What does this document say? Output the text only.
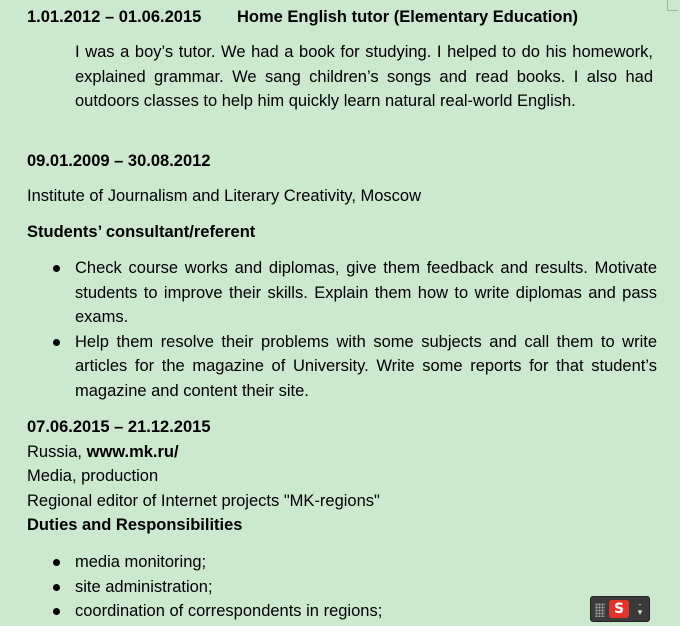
1.01.2012 – 01.06.2015 Home English tutor (Elementary Education)
I was a boy’s tutor. We had a book for studying. I helped to do his homework, explained grammar. We sang children’s songs and read books. I also had outdoors classes to help him quickly learn natural real-world English.
09.01.2009 – 30.08.2012
Institute of Journalism and Literary Creativity, Moscow
Students’ consultant/referent
Check course works and diplomas, give them feedback and results. Motivate students to improve their skills. Explain them how to write diplomas and pass exams.
Help them resolve their problems with some subjects and call them to write articles for the magazine of University. Write some reports for that student’s magazine and content their site.
07.06.2015 – 21.12.2015
Russia, www.mk.ru/
Media, production
Regional editor of Internet projects "MK-regions"
Duties and Responsibilities
media monitoring;
site administration;
coordination of correspondents in regions;	S	-
▾
